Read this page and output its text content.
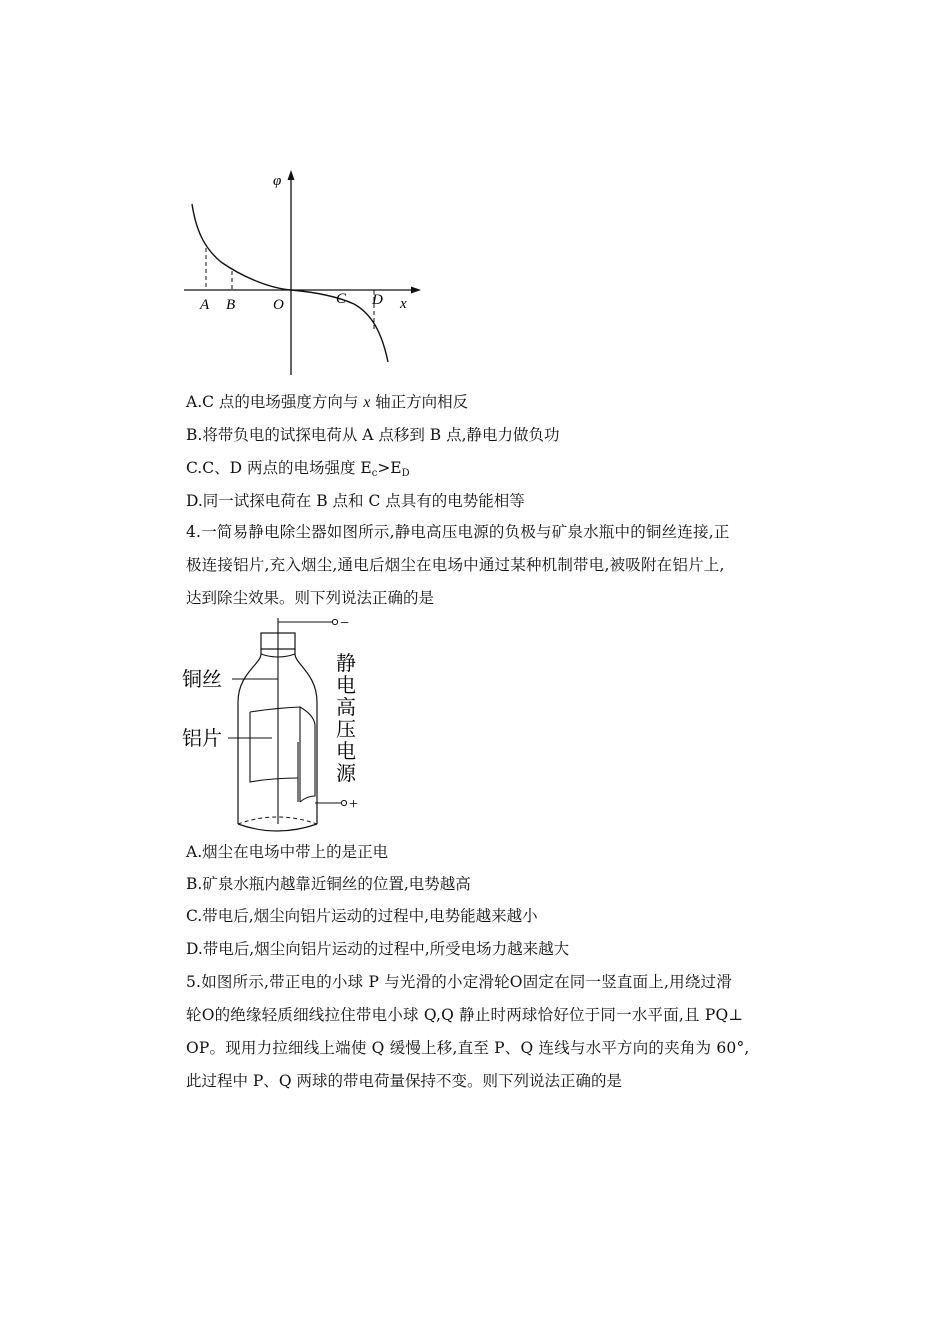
φ
x
A B	O	C D
A.C 点的电场强度方向与 x 轴正方向相反
B.将带负电的试探电荷从 A 点移到 B 点,静电力做负功
C.C、D 两点的电场强度 $E_c>E_D$
D.同一试探电荷在 B 点和 C 点具有的电势能相等
4.一简易静电除尘器如图所示,静电高压电源的负极与矿泉水瓶中的铜丝连接,正
极连接铝片,充入烟尘,通电后烟尘在电场中通过某种机制带电,被吸附在铝片上,
达到除尘效果。则下列说法正确的是
−
+
铜丝
铝片
静
电
高
压
电
源
A.烟尘在电场中带上的是正电
B.矿泉水瓶内越靠近铜丝的位置,电势越高
C.带电后,烟尘向铝片运动的过程中,电势能越来越小
D.带电后,烟尘向铝片运动的过程中,所受电场力越来越大
5.如图所示,带正电的小球 P 与光滑的小定滑轮O固定在同一竖直面上,用绕过滑
轮O的绝缘轻质细线拉住带电小球 Q,Q 静止时两球恰好位于同一水平面,且 PQ⊥
OP。现用力拉细线上端使 Q 缓慢上移,直至 P、Q 连线与水平方向的夹角为 60°,
此过程中 P、Q 两球的带电荷量保持不变。则下列说法正确的是
